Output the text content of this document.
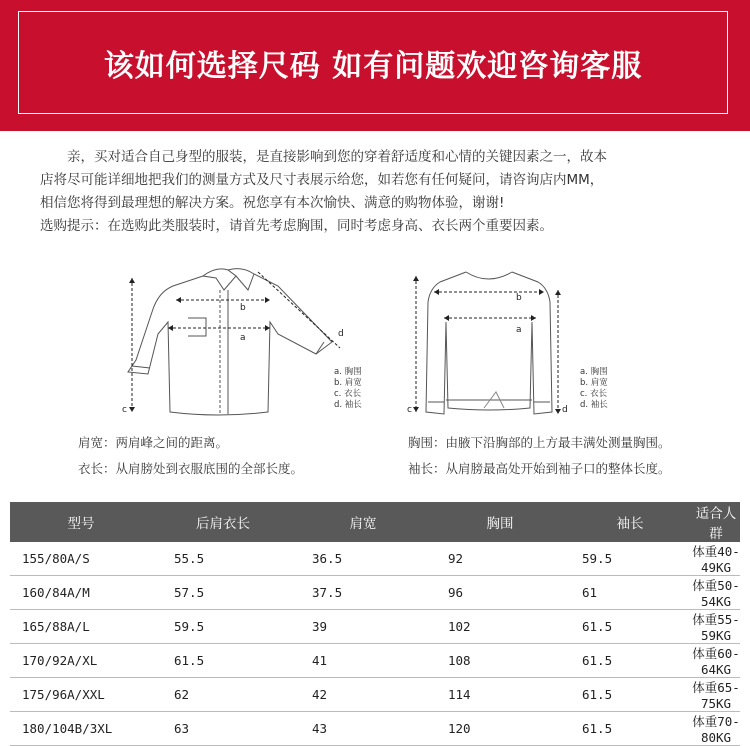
该如何选择尺码 如有问题欢迎咨询客服

亲，买对适合自己身型的服装，是直接影响到您的穿着舒适度和心情的关键因素之一，故本

店将尽可能详细地把我们的测量方式及尺寸表展示给您，如若您有任何疑问，请咨询店内MM，

相信您将得到最理想的解决方案。祝您享有本次愉快、满意的购物体验，谢谢!

选购提示：在选购此类服装时，请首先考虑胸围，同时考虑身高、衣长两个重要因素。

b
a
c
d
a. 胸围
b. 肩宽
c. 衣长
d. 袖长
b
a
c	d
a. 胸围
b. 肩宽
c. 衣长
d. 袖长
肩宽：两肩峰之间的距离。
衣长：从肩膀处到衣服底围的全部长度。
胸围：由腋下沿胸部的上方最丰满处测量胸围。
袖长：从肩膀最高处开始到袖子口的整体长度。
型号	后肩衣长	肩宽	胸围	袖长	适合人群
155/80A/S	55.5	36.5	92	59.5	体重40-49KG
160/84A/M	57.5	37.5	96	61	体重50-54KG
165/88A/L	59.5	39	102	61.5	体重55-59KG
170/92A/XL	61.5	41	108	61.5	体重60-64KG
175/96A/XXL	62	42	114	61.5	体重65-75KG
180/104B/3XL	63	43	120	61.5	体重70-80KG
